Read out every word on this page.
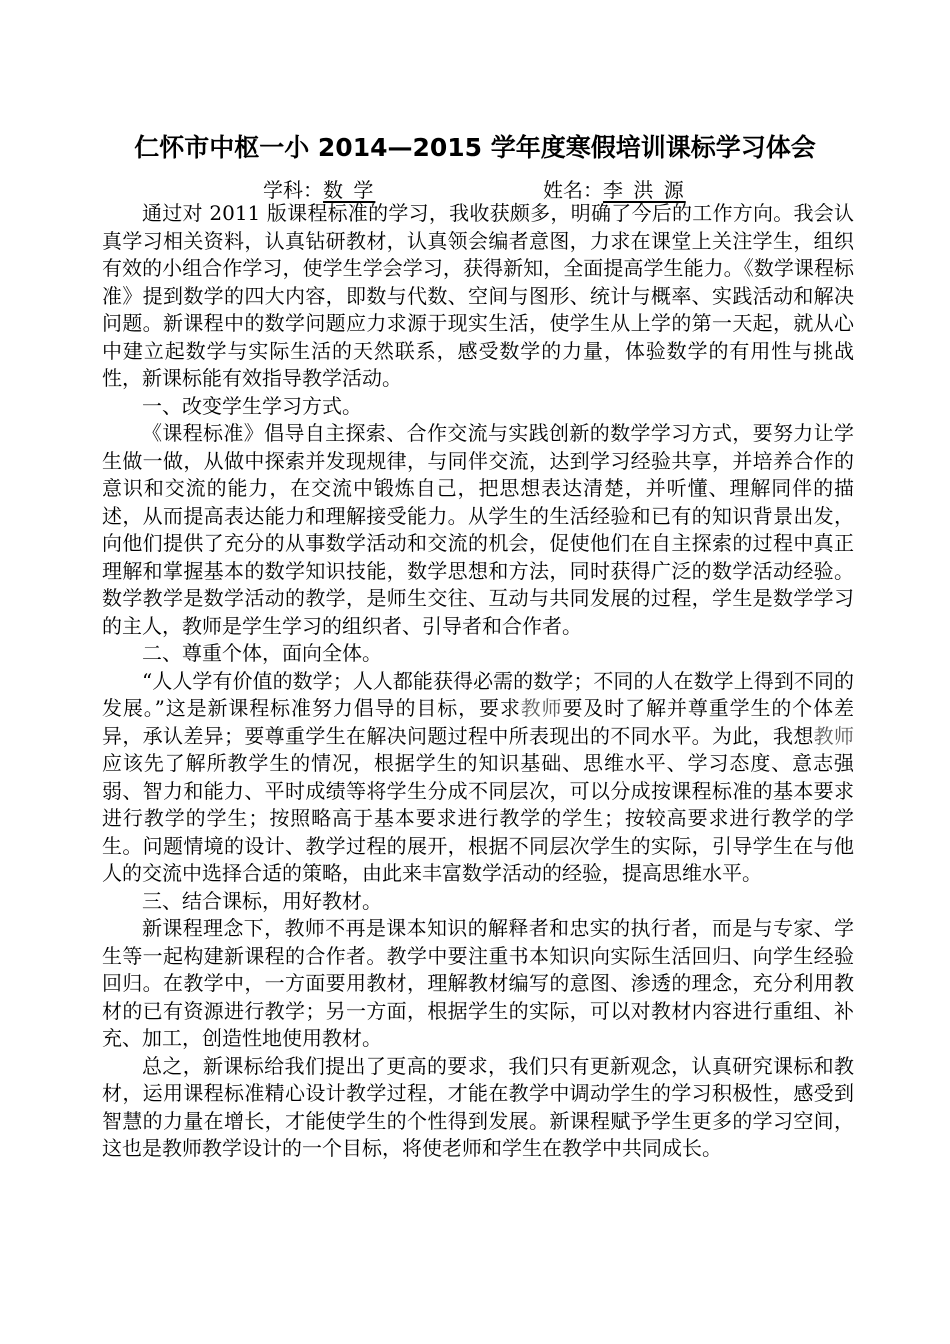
仁怀市中枢一小 2014—2015 学年度寒假培训课标学习体会
学科：数 学	姓名：李 洪 源

通过对 2011 版课程标准的学习，我收获颇多，明确了今后的工作方向。我会认真学习相关资料，认真钻研教材，认真领会编者意图，力求在课堂上关注学生，组织有效的小组合作学习，使学生学会学习，获得新知，全面提高学生能力。《数学课程标准》提到数学的四大内容，即数与代数、空间与图形、统计与概率、实践活动和解决问题。新课程中的数学问题应力求源于现实生活，使学生从上学的第一天起，就从心中建立起数学与实际生活的天然联系，感受数学的力量，体验数学的有用性与挑战性，新课标能有效指导教学活动。

一、改变学生学习方式。

《课程标准》倡导自主探索、合作交流与实践创新的数学学习方式，要努力让学生做一做，从做中探索并发现规律，与同伴交流，达到学习经验共享，并培养合作的意识和交流的能力，在交流中锻炼自己，把思想表达清楚，并听懂、理解同伴的描述，从而提高表达能力和理解接受能力。从学生的生活经验和已有的知识背景出发，向他们提供了充分的从事数学活动和交流的机会，促使他们在自主探索的过程中真正理解和掌握基本的数学知识技能，数学思想和方法，同时获得广泛的数学活动经验。数学教学是数学活动的教学，是师生交往、互动与共同发展的过程，学生是数学学习的主人，教师是学生学习的组织者、引导者和合作者。

二、尊重个体，面向全体。

“人人学有价值的数学；人人都能获得必需的数学；不同的人在数学上得到不同的发展。”这是新课程标准努力倡导的目标，要求教师要及时了解并尊重学生的个体差异，承认差异；要尊重学生在解决问题过程中所表现出的不同水平。为此，我想教师应该先了解所教学生的情况，根据学生的知识基础、思维水平、学习态度、意志强弱、智力和能力、平时成绩等将学生分成不同层次，可以分成按课程标准的基本要求进行教学的学生；按照略高于基本要求进行教学的学生；按较高要求进行教学的学生。问题情境的设计、教学过程的展开，根据不同层次学生的实际，引导学生在与他人的交流中选择合适的策略，由此来丰富数学活动的经验，提高思维水平。

三、结合课标，用好教材。

新课程理念下，教师不再是课本知识的解释者和忠实的执行者，而是与专家、学生等一起构建新课程的合作者。教学中要注重书本知识向实际生活回归、向学生经验回归。在教学中，一方面要用教材，理解教材编写的意图、渗透的理念，充分利用教材的已有资源进行教学；另一方面，根据学生的实际，可以对教材内容进行重组、补充、加工，创造性地使用教材。

总之，新课标给我们提出了更高的要求，我们只有更新观念，认真研究课标和教材，运用课程标准精心设计教学过程，才能在教学中调动学生的学习积极性，感受到智慧的力量在增长，才能使学生的个性得到发展。新课程赋予学生更多的学习空间，这也是教师教学设计的一个目标，将使老师和学生在教学中共同成长。
